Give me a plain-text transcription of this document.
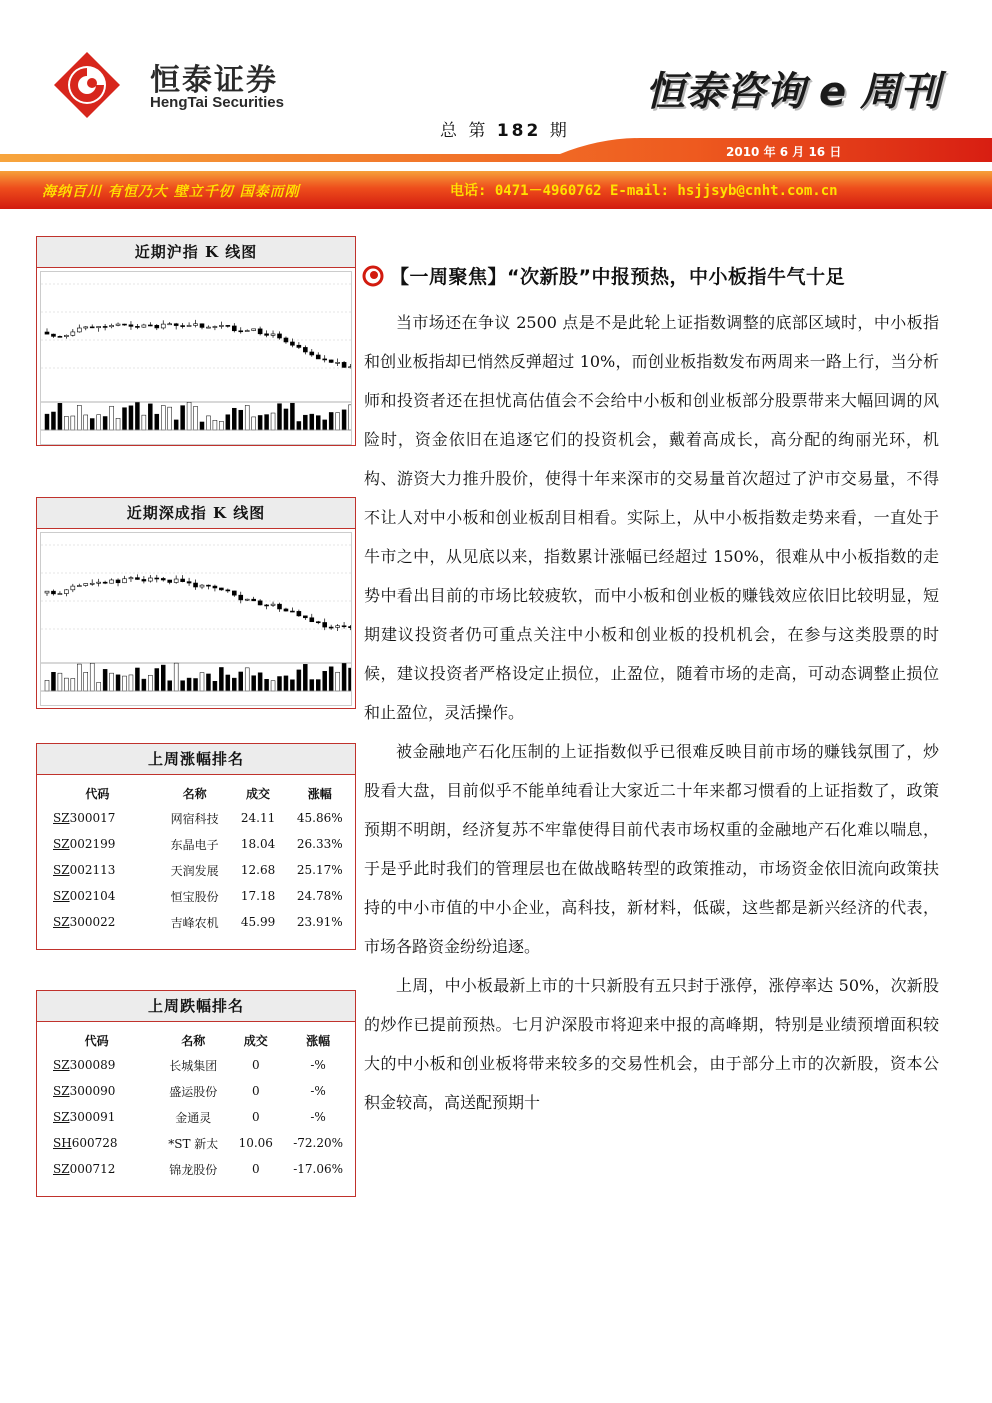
恒泰证券
HengTai Securities	恒泰咨询 e 周刊
总 第 182 期
2010 年 6 月 16 日
海纳百川 有恒乃大 壁立千仞 国泰而刚	电话: 0471－4960762 E-mail: hsjjsyb@cnht.com.cn
近期沪指 K 线图
近期深成指 K 线图
上周涨幅排名
代码	名称	成交	涨幅
SZ300017	网宿科技	24.11	45.86%
SZ002199	东晶电子	18.04	26.33%
SZ002113	天润发展	12.68	25.17%
SZ002104	恒宝股份	17.18	24.78%
SZ300022	吉峰农机	45.99	23.91%
上周跌幅排名
代码	名称	成交	涨幅
SZ300089	长城集团	0	-%
SZ300090	盛运股份	0	-%
SZ300091	金通灵	0	-%
SH600728	*ST 新太	10.06	-72.20%
SZ000712	锦龙股份	0	-17.06%
【一周聚焦】“次新股”中报预热，中小板指牛气十足

当市场还在争议 2500 点是不是此轮上证指数调整的底部区域时，中小板指和创业板指却已悄然反弹超过 10%，而创业板指数发布两周来一路上行，当分析师和投资者还在担忧高估值会不会给中小板和创业板部分股票带来大幅回调的风险时，资金依旧在追逐它们的投资机会，戴着高成长，高分配的绚丽光环，机构、游资大力推升股价，使得十年来深市的交易量首次超过了沪市交易量，不得不让人对中小板和创业板刮目相看。实际上，从中小板指数走势来看，一直处于牛市之中，从见底以来，指数累计涨幅已经超过 150%，很难从中小板指数的走势中看出目前的市场比较疲软，而中小板和创业板的赚钱效应依旧比较明显，短期建议投资者仍可重点关注中小板和创业板的投机机会，在参与这类股票的时候，建议投资者严格设定止损位，止盈位，随着市场的走高，可动态调整止损位和止盈位，灵活操作。

被金融地产石化压制的上证指数似乎已很难反映目前市场的赚钱氛围了，炒股看大盘，目前似乎不能单纯看让大家近二十年来都习惯看的上证指数了，政策预期不明朗，经济复苏不牢靠使得目前代表市场权重的金融地产石化难以喘息，于是乎此时我们的管理层也在做战略转型的政策推动，市场资金依旧流向政策扶持的中小市值的中小企业，高科技，新材料，低碳，这些都是新兴经济的代表，市场各路资金纷纷追逐。

上周，中小板最新上市的十只新股有五只封于涨停，涨停率达 50%，次新股的炒作已提前预热。七月沪深股市将迎来中报的高峰期，特别是业绩预增面积较大的中小板和创业板将带来较多的交易性机会，由于部分上市的次新股，资本公积金较高，高送配预期十
